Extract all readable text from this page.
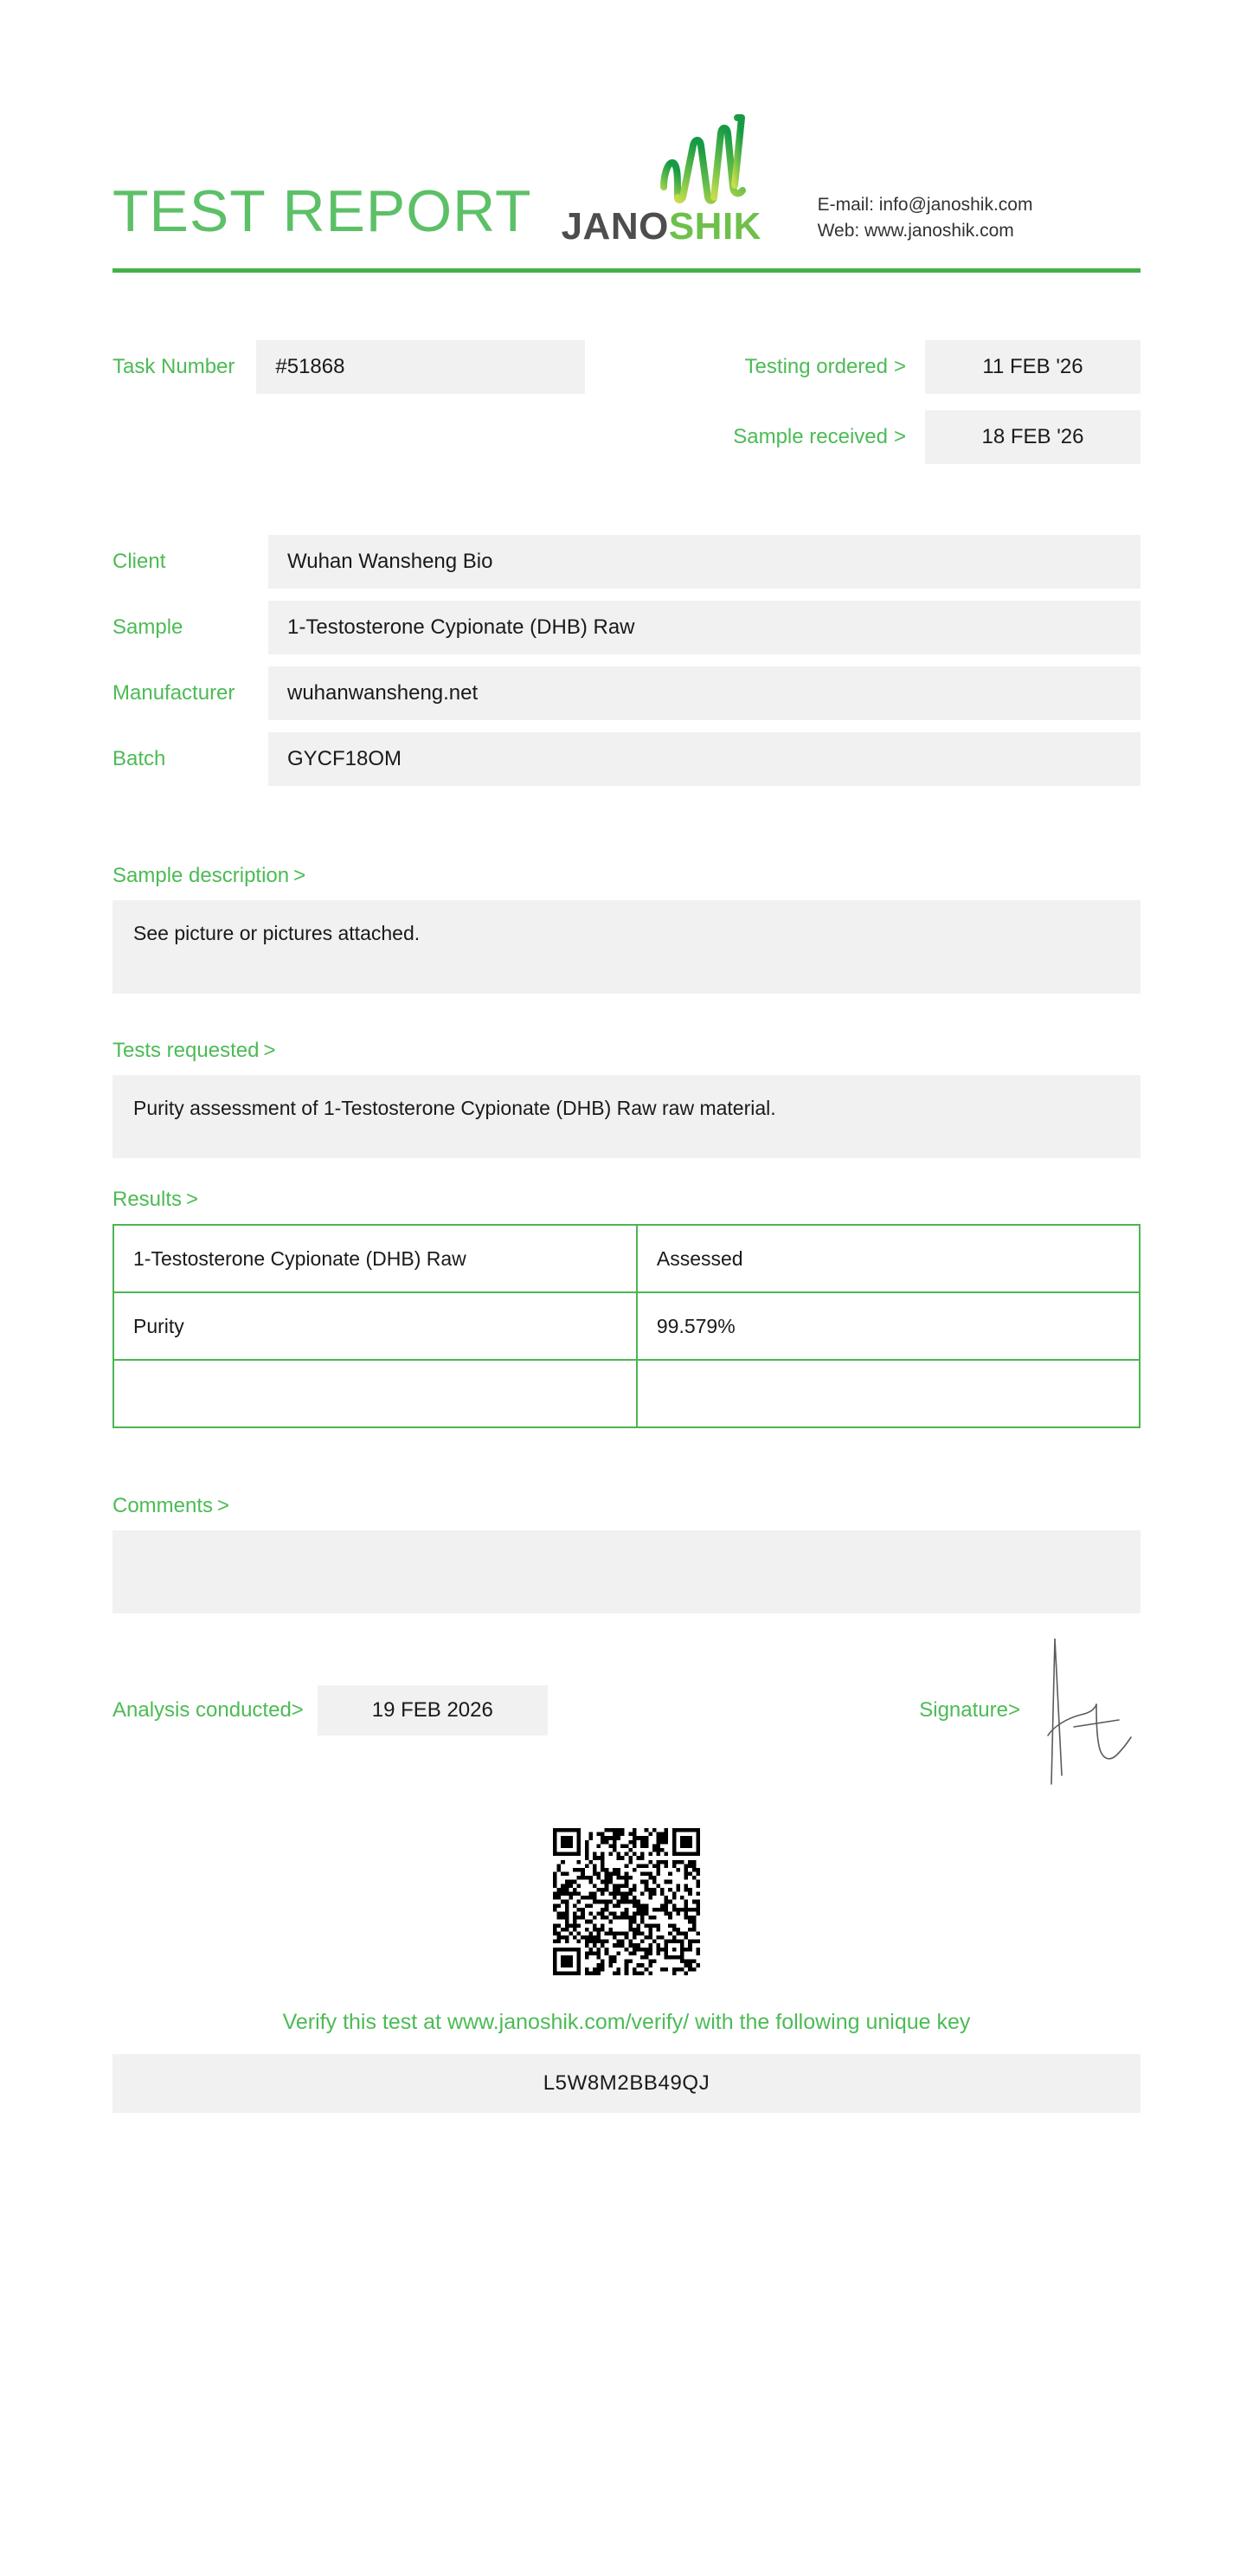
TEST REPORT JANOSHIK
E-mail: info@janoshik.com
Web: www.janoshik.com
Task Number	#51868	Testing ordered >	11 FEB '26
Sample received >	18 FEB '26
Client	Wuhan Wansheng Bio
Sample	1-Testosterone Cypionate (DHB) Raw
Manufacturer	wuhanwansheng.net
Batch	GYCF18OM
Sample description >
See picture or pictures attached.
Tests requested >
Purity assessment of 1-Testosterone Cypionate (DHB) Raw raw material.
Results >
1-Testosterone Cypionate (DHB) Raw	Assessed
Purity	99.579%

Comments >
Analysis conducted>	19 FEB 2026	Signature>
Verify this test at www.janoshik.com/verify/ with the following unique key
L5W8M2BB49QJ
